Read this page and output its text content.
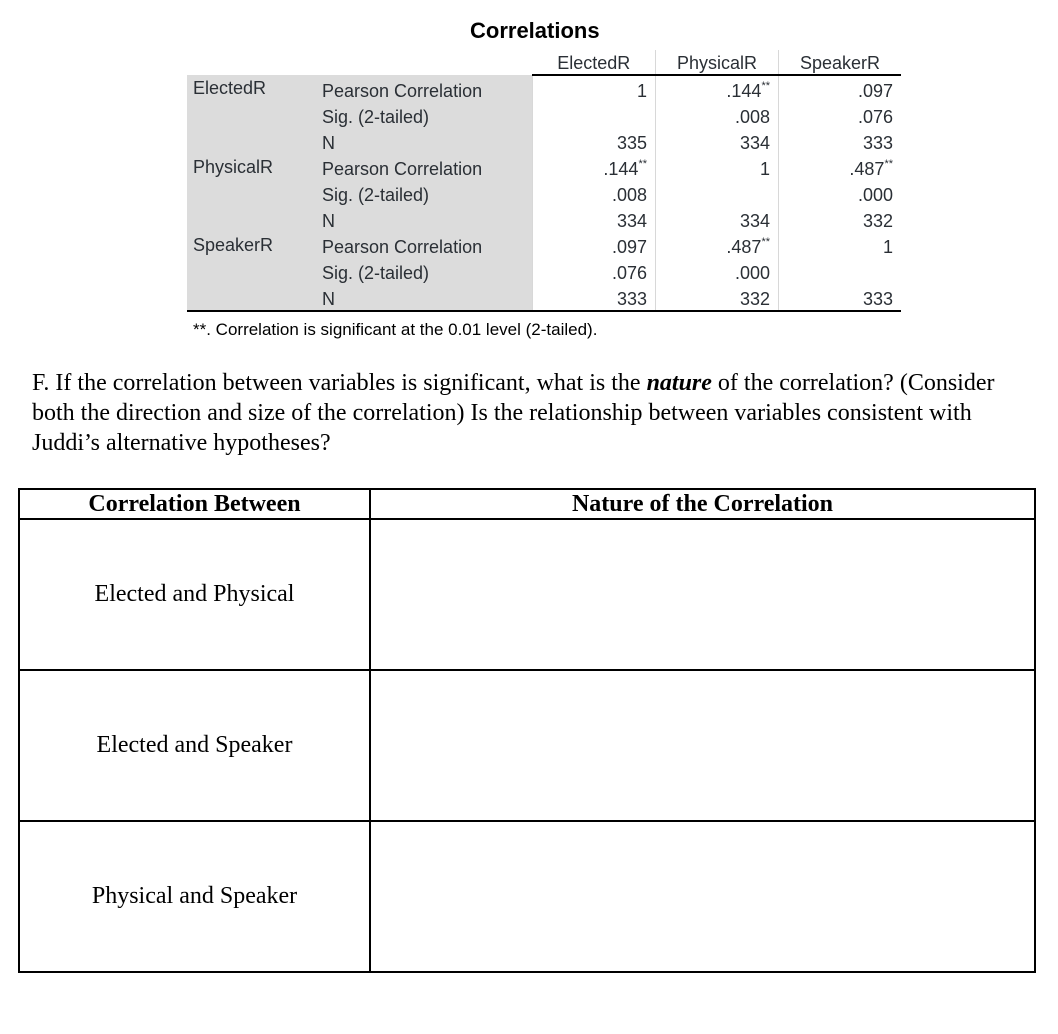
Correlations
		ElectedR	PhysicalR	SpeakerR
ElectedR	Pearson Correlation	1	.144**	.097
	Sig. (2-tailed)		.008	.076
	N	335	334	333
PhysicalR	Pearson Correlation	.144**	1	.487**
	Sig. (2-tailed)	.008		.000
	N	334	334	332
SpeakerR	Pearson Correlation	.097	.487**	1
	Sig. (2-tailed)	.076	.000	
	N	333	332	333
**. Correlation is significant at the 0.01 level (2-tailed).
F. If the correlation between variables is significant, what is the nature of the correlation? (Consider both the direction and size of the correlation) Is the relationship between variables consistent with Juddi’s alternative hypotheses?
Correlation Between	Nature of the Correlation
Elected and Physical	
Elected and Speaker	
Physical and Speaker	
